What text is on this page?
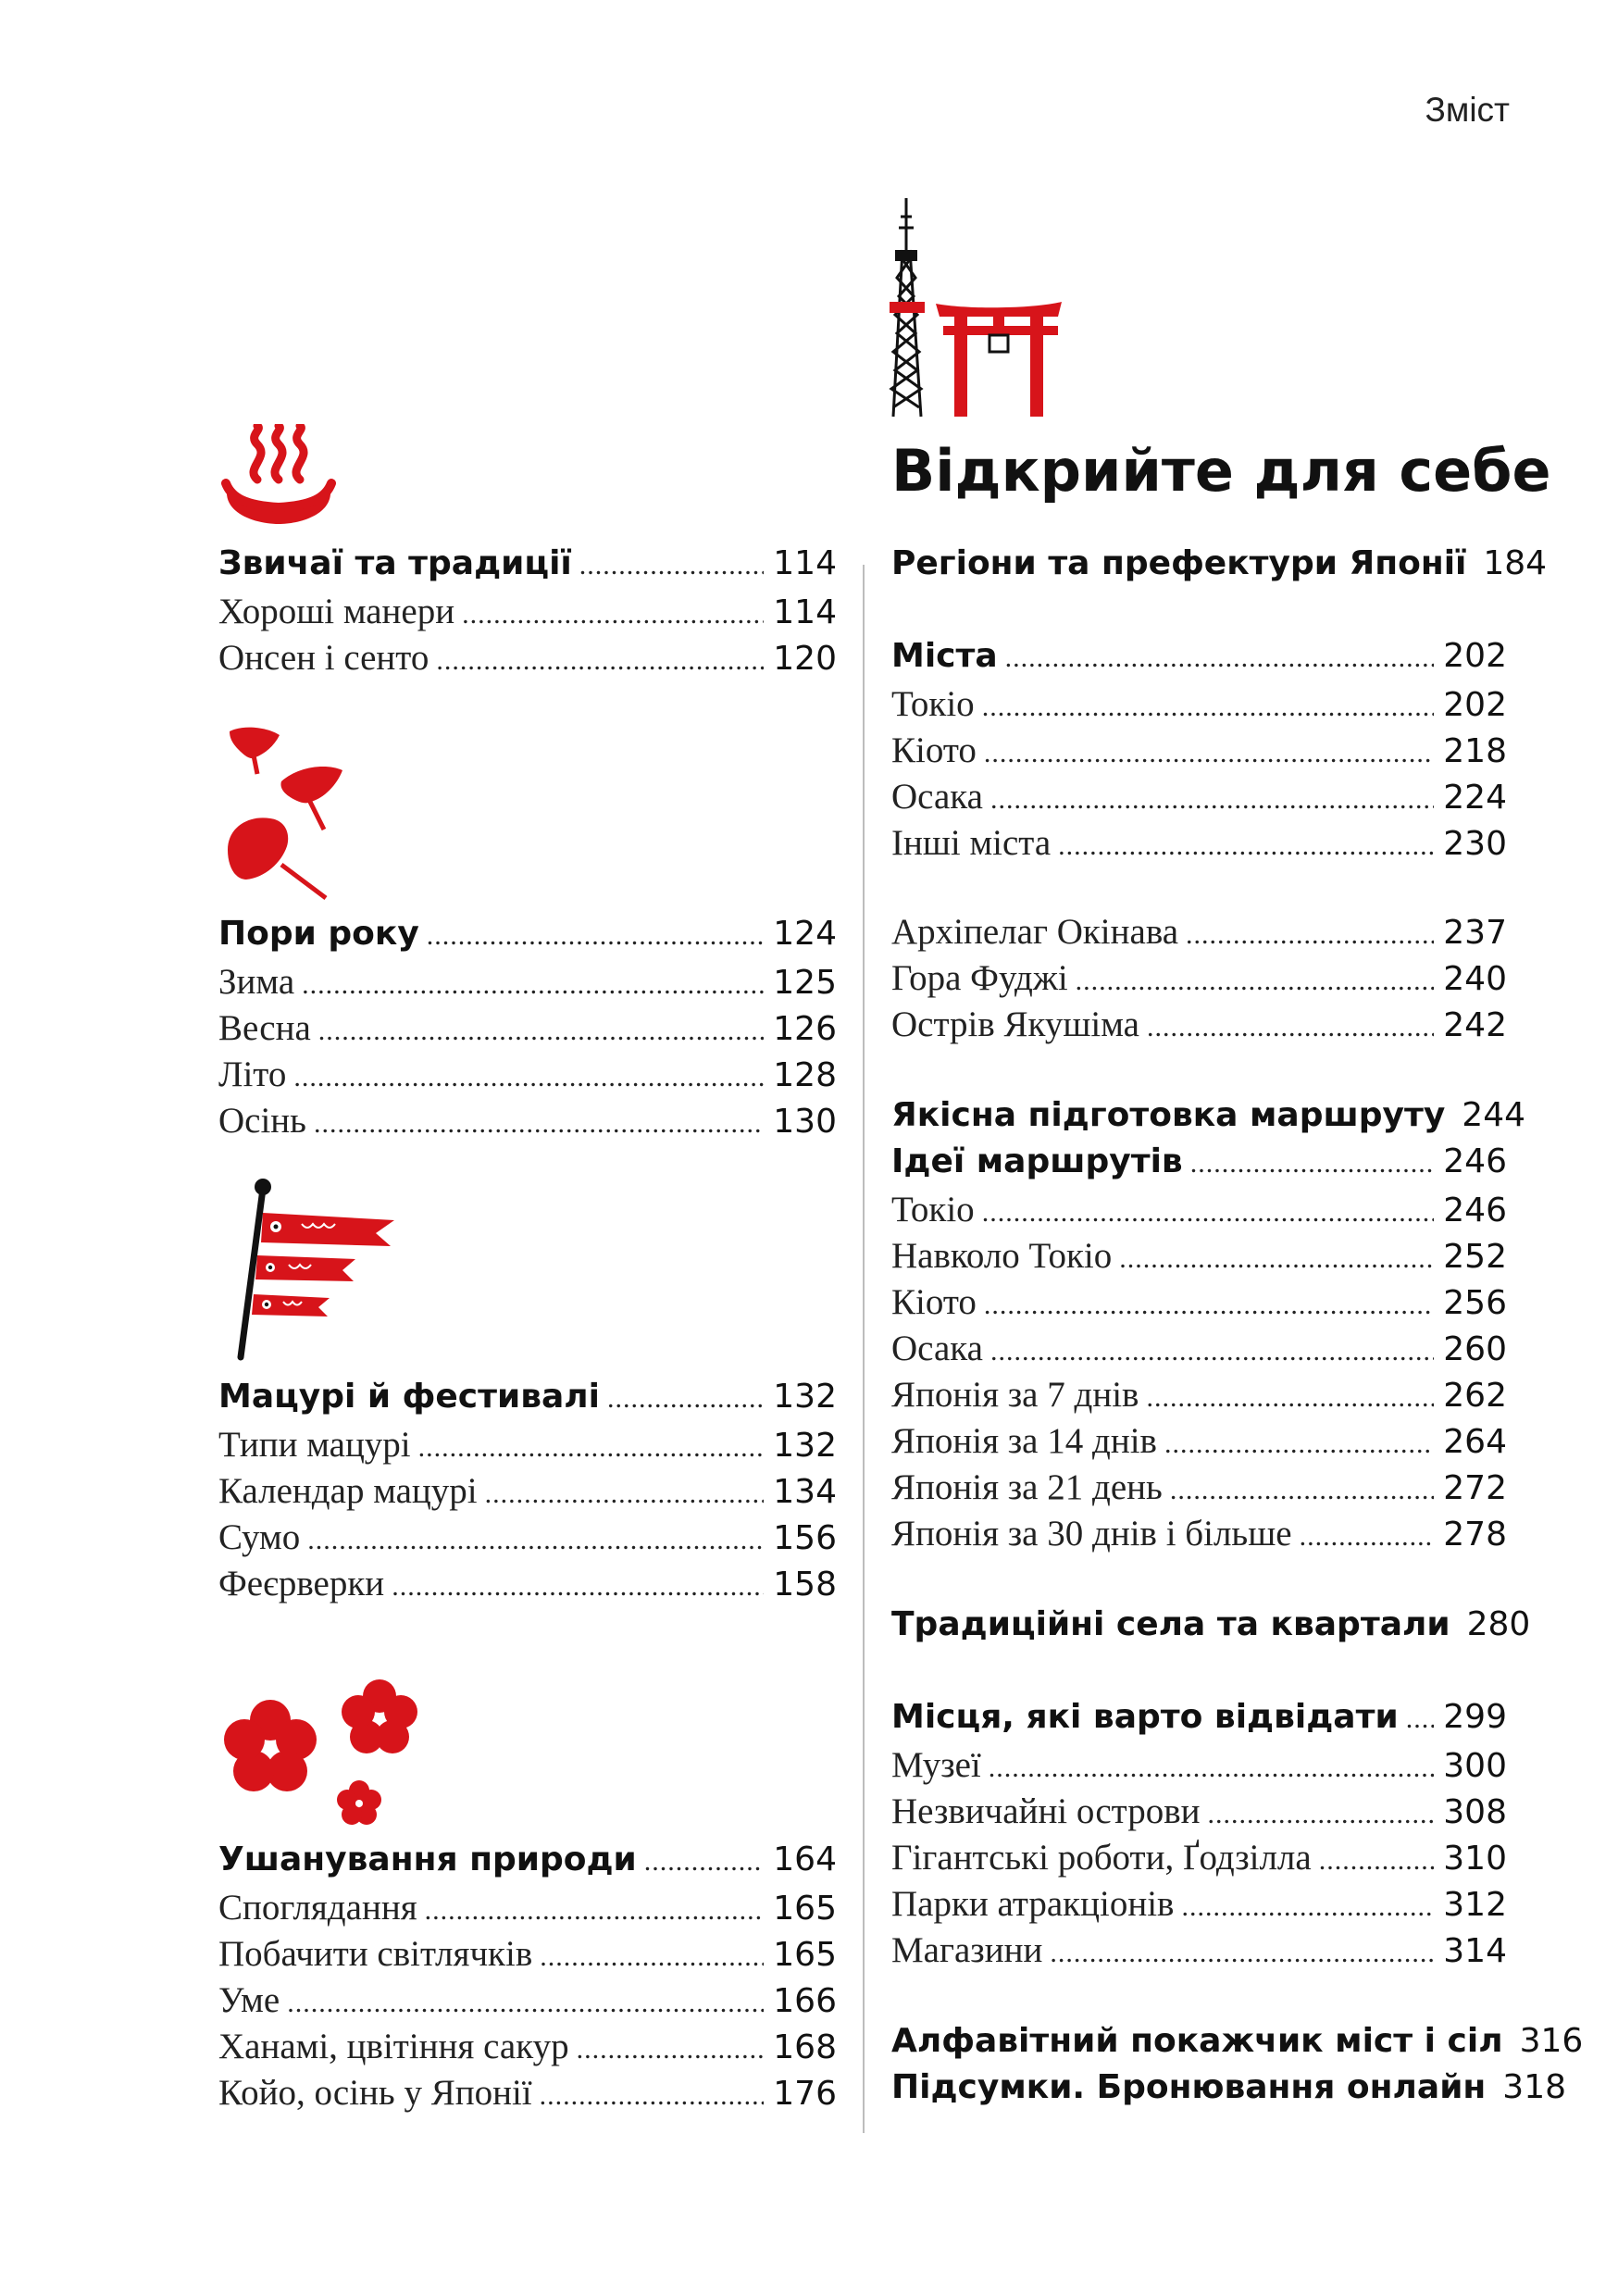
Зміст
Звичаї та традиції .....	114
Хороші манери .....	114
Онсен і сенто .....	120
Пори року .....	124
Зима .....	125
Весна .....	126
Літо .....	128
Осінь .....	130
Мацурі й фестивалі .....	132
Типи мацурі .....	132
Календар мацурі .....	134
Сумо .....	156
Феєрверки .....	158
Ушанування природи .....	164
Споглядання .....	165
Побачити світлячків .....	165
Уме .....	166
Ханамі, цвітіння сакур .....	168
Койо, осінь у Японії .....	176
Відкрийте для себе
Регіони та префектури Японії 184
Міста .....	202
Токіо .....	202
Кіото .....	218
Осака .....	224
Інші міста .....	230
Архіпелаг Окінава .....	237
Гора Фуджі .....	240
Острів Якушіма .....	242
Якісна підготовка маршруту 244
Ідеї маршрутів .....	246
Токіо .....	246
Навколо Токіо .....	252
Кіото .....	256
Осака .....	260
Японія за 7 днів .....	262
Японія за 14 днів .....	264
Японія за 21 день .....	272
Японія за 30 днів і більше .....	278
Традиційні села та квартали 280
Місця, які варто відвідати ..... 299
Музеї .....	300
Незвичайні острови .....	308
Гігантські роботи, Ґодзілла .....	310
Парки атракціонів .....	312
Магазини .....	314
Алфавітний покажчик міст і сіл 316
Підсумки. Бронювання онлайн 318
